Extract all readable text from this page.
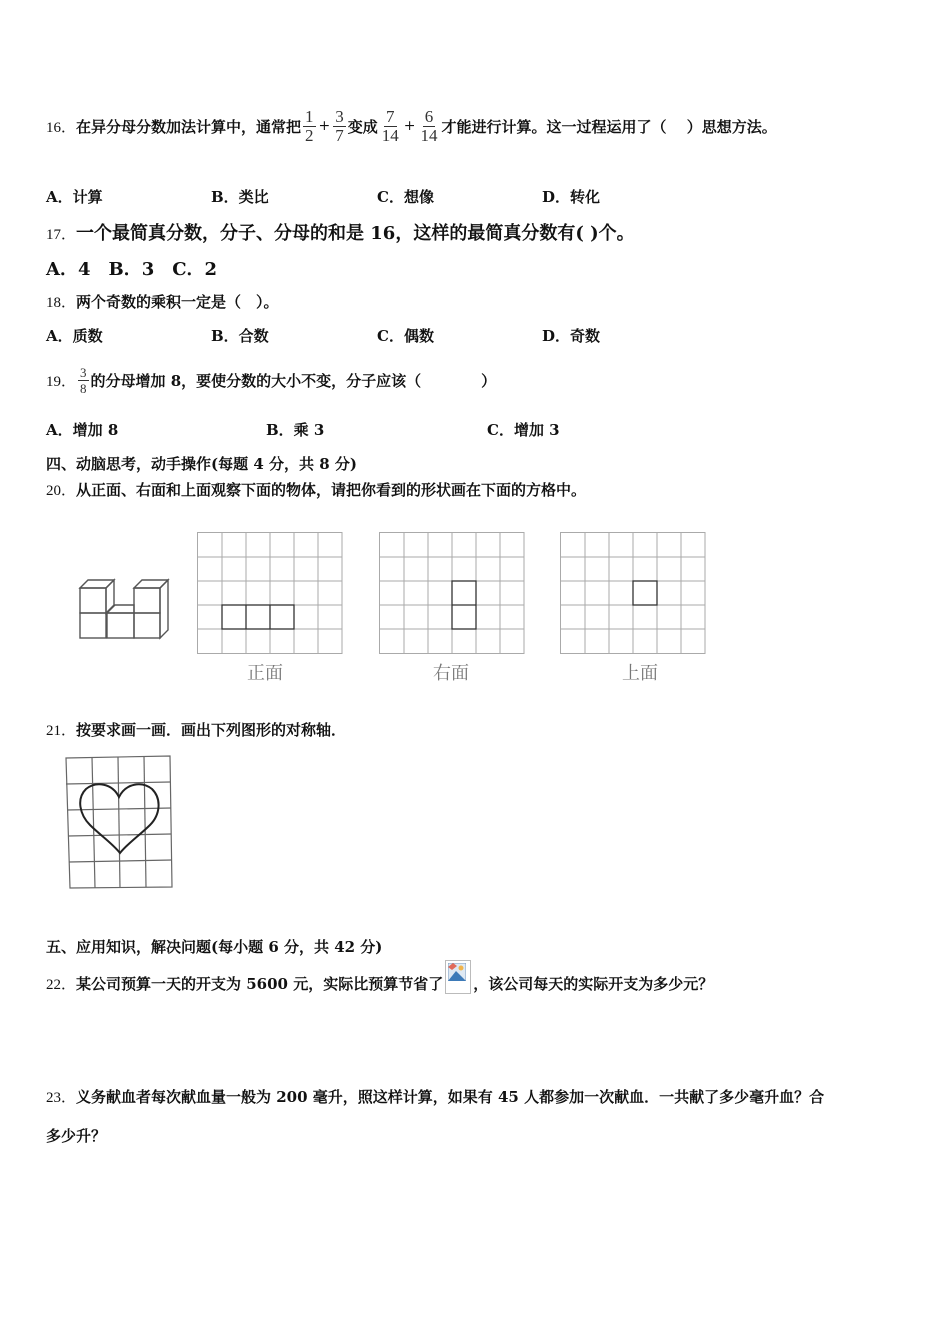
16． 在异分母分数加法计算中，通常把 $\frac{1}{2} + \frac{3}{7}$ 变成 $\frac{7}{14} + \frac{6}{14}$ 才能进行计算。这一过程运用了（　 ）思想方法。
A．计算	B．类比	C．想像	D．转化
17．一个最简真分数，分子、分母的和是 16，这样的最简真分数有( )个。
A．4　B．3　C．2
18．两个奇数的乘积一定是（　）。
A．质数	B．合数	C．偶数	D．奇数
19． $\frac{3}{8}$ 的分母增加 8，要使分数的大小不变，分子应该（　　　　）
A．增加 8	B．乘 3	C．增加 3
四、动脑思考，动手操作(每题 4 分，共 8 分)
20．从正面、右面和上面观察下面的物体，请把你看到的形状画在下面的方格中。
正面	右面	上面
21．按要求画一画．画出下列图形的对称轴．
五、应用知识，解决问题(每小题 6 分，共 42 分)
22． 某公司预算一天的开支为 5600 元，实际比预算节省了 ，该公司每天的实际开支为多少元？
23．义务献血者每次献血量一般为 200 毫升，照这样计算，如果有 45 人都参加一次献血．一共献了多少毫升血？合
多少升？
